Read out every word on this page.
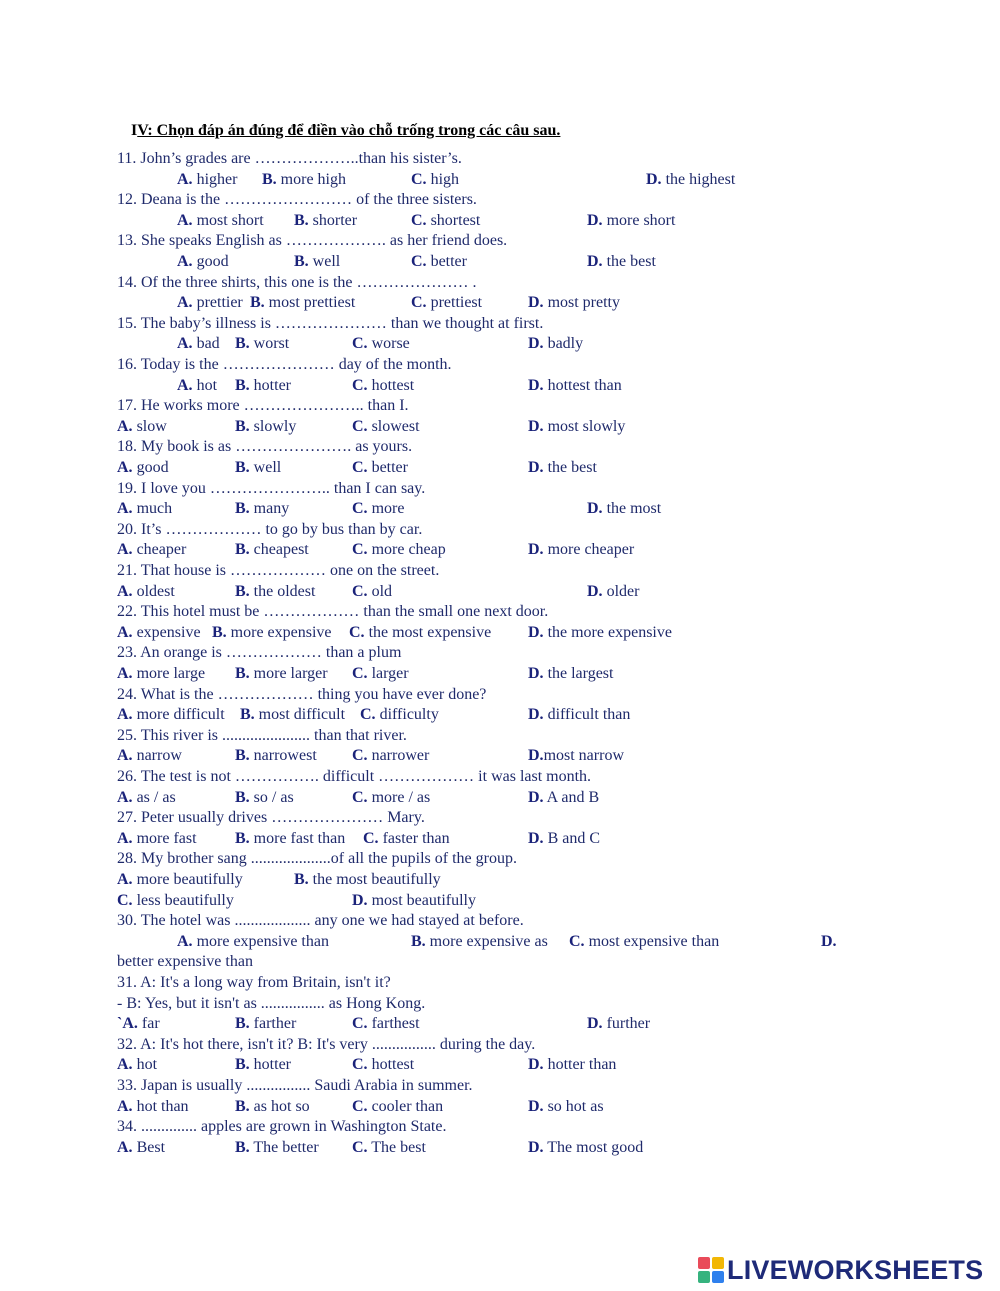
IV: Chọn đáp án đúng để điền vào chỗ trống trong các câu sau.
11. John’s grades are ………………..than his sister’s.
A. higher B. more high	C. high	D. the highest
12. Deana is the …………………… of the three sisters.
A. most short B. shorter	C. shortest	D. more short
13. She speaks English as ………………. as her friend does.
A. good	B. well	C. better	D. the best
14. Of the three shirts, this one is the ………………… .
A. prettier B. most prettiest	C. prettiest	D. most pretty
15. The baby’s illness is ………………… than we thought at first.
A. bad B. worst	C. worse	D. badly
16. Today is the ………………… day of the month.
A. hot B. hotter	C. hottest	D. hottest than
17. He works more ………………….. than I.
A. slow	B. slowly	C. slowest	D. most slowly
18. My book is as …………………. as yours.
A. good	B. well	C. better	D. the best
19. I love you ………………….. than I can say.
A. much	B. many	C. more	D. the most
20. It’s ……………… to go by bus than by car.
A. cheaper	B. cheapest	C. more cheap	D. more cheaper
21. That house is ……………… one on the street.
A. oldest	B. the oldest C. old	D. older
22. This hotel must be ……………… than the small one next door.
A. expensive B. more expensive C. the most expensive D. the more expensive
23. An orange is ……………… than a plum
A. more large B. more larger C. larger	D. the largest
24. What is the ……………… thing you have ever done?
A. more difficult B. most difficult C. difficulty	D. difficult than
25. This river is ...................... than that river.
A. narrow	B. narrowest C. narrower	D.most narrow
26. The test is not ……………. difficult ……………… it was last month.
A. as / as	B. so / as	C. more / as	D. A and B
27. Peter usually drives ………………… Mary.
A. more fast B. more fast than C. faster than	D. B and C
28. My brother sang ....................of all the pupils of the group.
A. more beautifully	B. the most beautifully
C. less beautifully	D. most beautifully
30. The hotel was ................... any one we had stayed at before.
A. more expensive than	B. more expensive as C. most expensive than	D.
better expensive than
31. A: It's a long way from Britain, isn't it?
- B: Yes, but it isn't as ................ as Hong Kong.
`A. far	B. farther	C. farthest	D. further
32. A: It's hot there, isn't it? B: It's very ................ during the day.
A. hot	B. hotter	C. hottest	D. hotter than
33. Japan is usually ................ Saudi Arabia in summer.
A. hot than	B. as hot so	C. cooler than	D. so hot as
34. .............. apples are grown in Washington State.
A. Best	B. The better C. The best	D. The most good
LIVEWORKSHEETS
